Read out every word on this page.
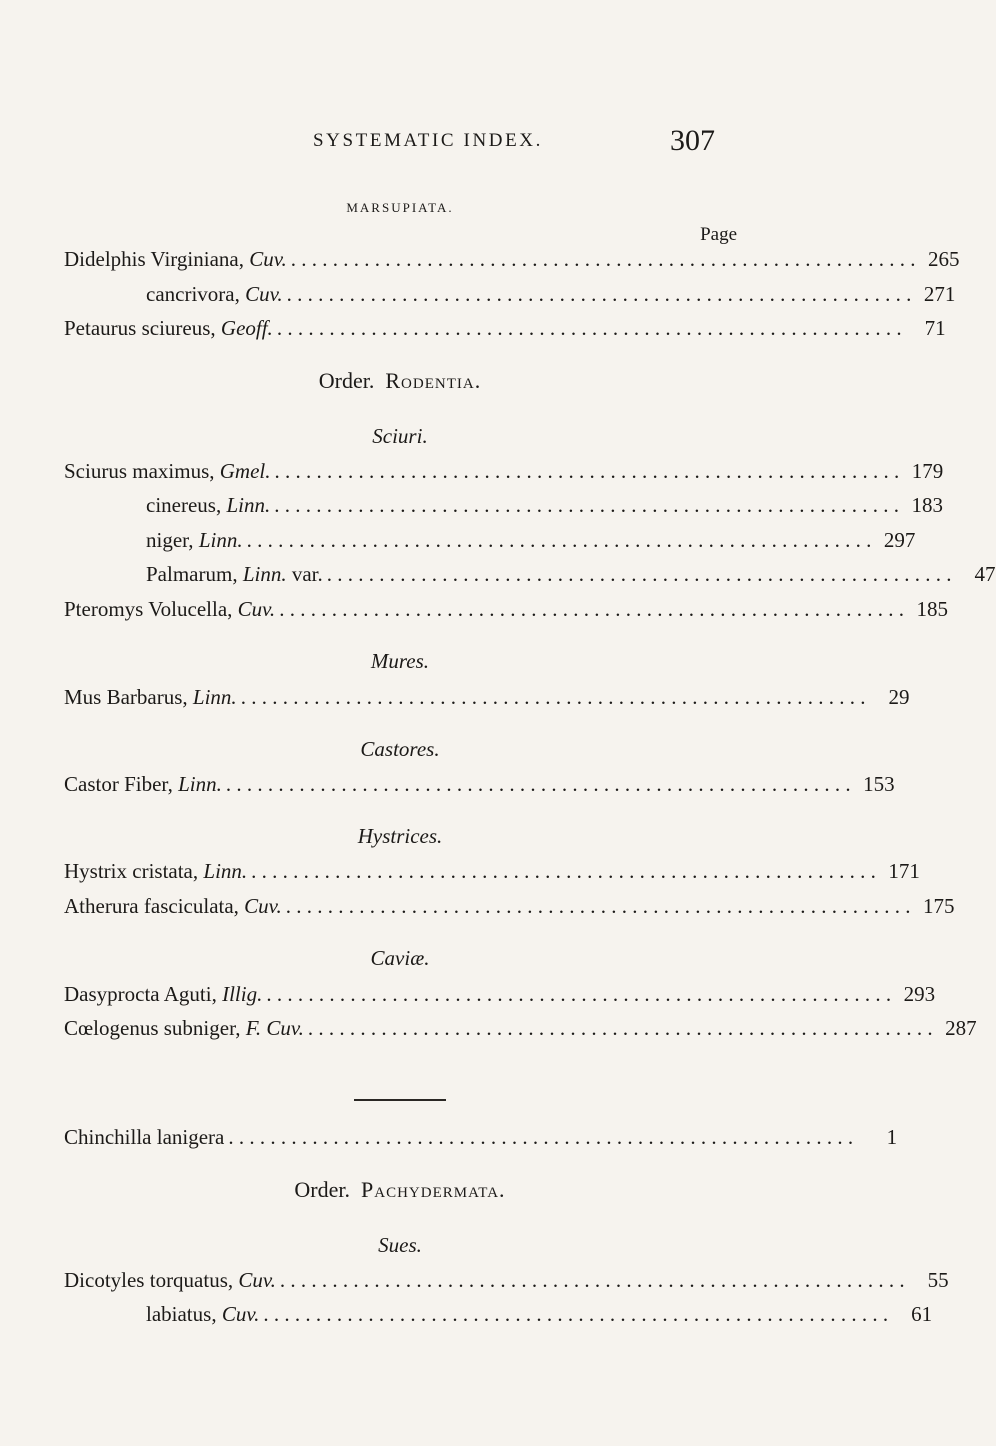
SYSTEMATIC INDEX.	307
MARSUPIATA.
Page
Didelphis Virginiana, Cuv. . . . . . . . . . . . . . . . . . . . . . . . . . . . . . . . . . . . . . . . . . . . . . . . . . . . . . . . . . . . . 265
cancrivora, Cuv. . . . . . . . . . . . . . . . . . . . . . . . . . . . . . . . . . . . . . . . . . . . . . . . . . . . . . . . . . . . . 271
Petaurus sciureus, Geoff. . . . . . . . . . . . . . . . . . . . . . . . . . . . . . . . . . . . . . . . . . . . . . . . . . . . . . . . . . . . .	71
Order. Rodentia.
Sciuri.
Sciurus maximus, Gmel. . . . . . . . . . . . . . . . . . . . . . . . . . . . . . . . . . . . . . . . . . . . . . . . . . . . . . . . . . . . . 179
cinereus, Linn. . . . . . . . . . . . . . . . . . . . . . . . . . . . . . . . . . . . . . . . . . . . . . . . . . . . . . . . . . . . . 183
niger, Linn. . . . . . . . . . . . . . . . . . . . . . . . . . . . . . . . . . . . . . . . . . . . . . . . . . . . . . . . . . . . . 297
Palmarum, Linn. var. . . . . . . . . . . . . . . . . . . . . . . . . . . . . . . . . . . . . . . . . . . . . . . . . . . . . . . . . . . . .	47
Pteromys Volucella, Cuv. . . . . . . . . . . . . . . . . . . . . . . . . . . . . . . . . . . . . . . . . . . . . . . . . . . . . . . . . . . . . 185
Mures.
Mus Barbarus, Linn. . . . . . . . . . . . . . . . . . . . . . . . . . . . . . . . . . . . . . . . . . . . . . . . . . . . . . . . . . . . .	29
Castores.
Castor Fiber, Linn. . . . . . . . . . . . . . . . . . . . . . . . . . . . . . . . . . . . . . . . . . . . . . . . . . . . . . . . . . . . . 153
Hystrices.
Hystrix cristata, Linn. . . . . . . . . . . . . . . . . . . . . . . . . . . . . . . . . . . . . . . . . . . . . . . . . . . . . . . . . . . . . 171
Atherura fasciculata, Cuv. . . . . . . . . . . . . . . . . . . . . . . . . . . . . . . . . . . . . . . . . . . . . . . . . . . . . . . . . . . . . 175
Caviæ.
Dasyprocta Aguti, Illig. . . . . . . . . . . . . . . . . . . . . . . . . . . . . . . . . . . . . . . . . . . . . . . . . . . . . . . . . . . . . 293
Cœlogenus subniger, F. Cuv. . . . . . . . . . . . . . . . . . . . . . . . . . . . . . . . . . . . . . . . . . . . . . . . . . . . . . . . . . . . . 287
Chinchilla lanigera . . . . . . . . . . . . . . . . . . . . . . . . . . . . . . . . . . . . . . . . . . . . . . . . . . . . . . . . . . . .	1
Order. Pachydermata.
Sues.
Dicotyles torquatus, Cuv. . . . . . . . . . . . . . . . . . . . . . . . . . . . . . . . . . . . . . . . . . . . . . . . . . . . . . . . . . . . .	55
labiatus, Cuv. . . . . . . . . . . . . . . . . . . . . . . . . . . . . . . . . . . . . . . . . . . . . . . . . . . . . . . . . . . . .	61
